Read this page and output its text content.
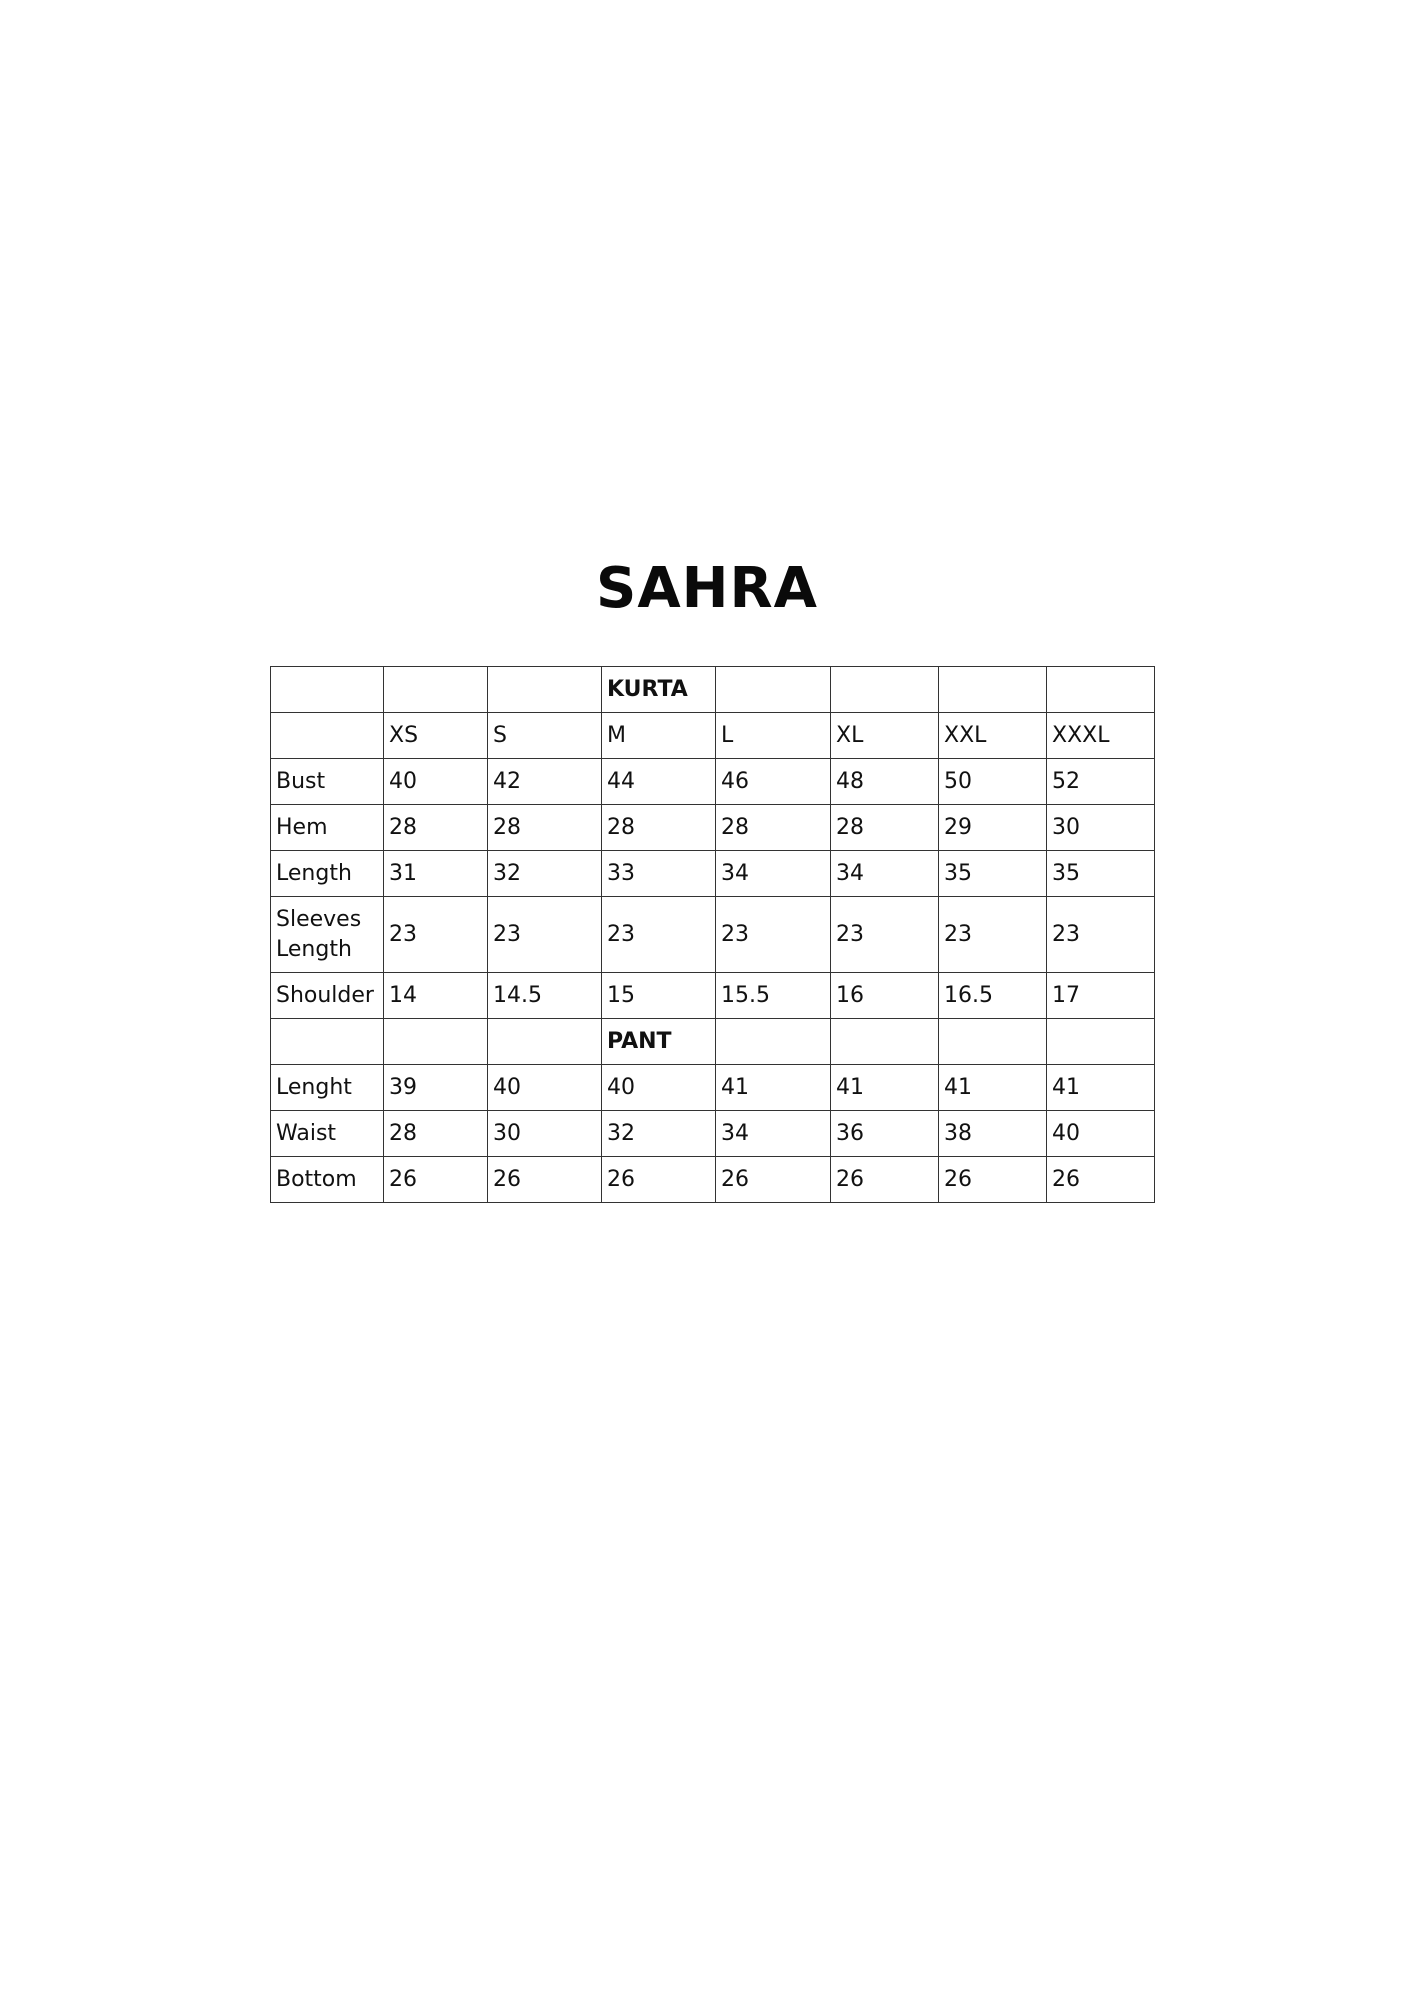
SAHRA
			KURTA				
	XS	S	M	L	XL	XXL	XXXL
Bust	40	42	44	46	48	50	52
Hem	28	28	28	28	28	29	30
Length	31	32	33	34	34	35	35
Sleeves Length	23	23	23	23	23	23	23
Shoulder	14	14.5	15	15.5	16	16.5	17
			PANT				
Lenght	39	40	40	41	41	41	41
Waist	28	30	32	34	36	38	40
Bottom	26	26	26	26	26	26	26
